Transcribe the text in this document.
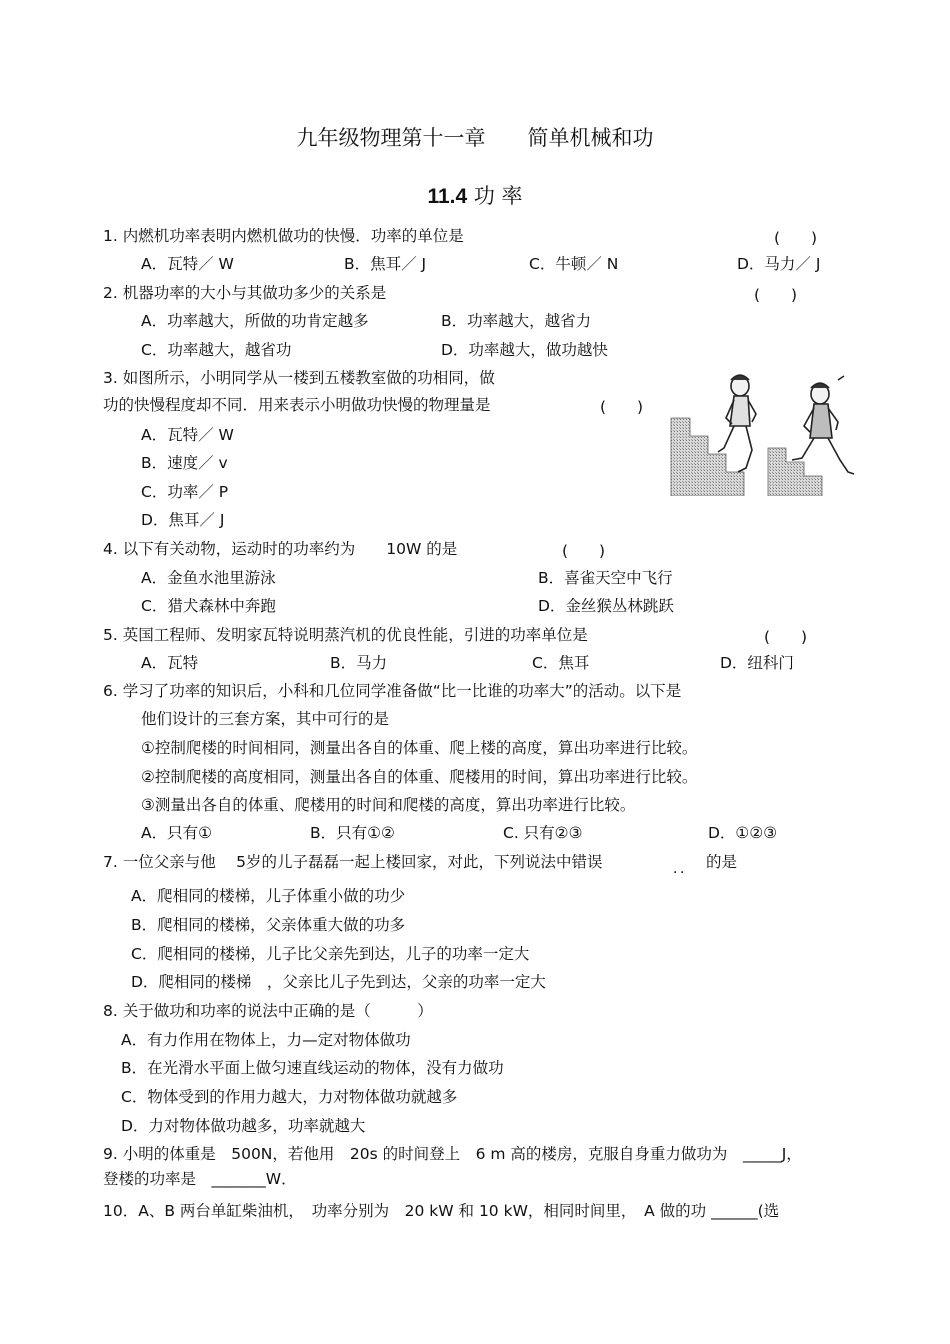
九年级物理第十一章　　简单机械和功
11.4 功 率
1. 内燃机功率表明内燃机做功的快慢．功率的单位是	(　　)
A．瓦特／ W	B．焦耳／ J	C．牛顿／ N	D．马力／ J
2. 机器功率的大小与其做功多少的关系是	(　　)
A．功率越大，所做的功肯定越多	B．功率越大，越省力
C．功率越大，越省功	D．功率越大，做功越快
3. 如图所示，小明同学从一楼到五楼教室做的功相同，做
功的快慢程度却不同．用来表示小明做功快慢的物理量是	(　　)
A．瓦特／ W
B．速度／ v
C．功率／ P
D．焦耳／ J
4. 以下有关动物，运动时的功率约为　　10W 的是	(　　)
A．金鱼水池里游泳	B．喜雀天空中飞行
C．猎犬森林中奔跑	D．金丝猴丛林跳跃
5. 英国工程师、发明家瓦特说明蒸汽机的优良性能，引进的功率单位是	(　　)
A．瓦特	B．马力	C．焦耳	D．纽科门
6. 学习了功率的知识后，小科和几位同学准备做“比一比谁的功率大”的活动。以下是
他们设计的三套方案，其中可行的是
①控制爬楼的时间相同，测量出各自的体重、爬上楼的高度，算出功率进行比较。
②控制爬楼的高度相同，测量出各自的体重、爬楼用的时间，算出功率进行比较。
③测量出各自的体重、爬楼用的时间和爬楼的高度，算出功率进行比较。
A．只有①	B．只有①②	C. 只有②③	D．①②③
7. 一位父亲与他　 5岁的儿子磊磊一起上楼回家，对此，下列说法中错误	．． 的是
A．爬相同的楼梯，儿子体重小做的功少
B．爬相同的楼梯，父亲体重大做的功多
C．爬相同的楼梯，儿子比父亲先到达，儿子的功率一定大
D．爬相同的楼梯　，父亲比儿子先到达，父亲的功率一定大
8. 关于做功和功率的说法中正确的是（　　　）
A．有力作用在物体上，力—定对物体做功
B．在光滑水平面上做匀速直线运动的物体，没有力做功
C．物体受到的作用力越大，力对物体做功就越多
D．力对物体做功越多，功率就越大
9. 小明的体重是　500N，若他用　20s 的时间登上　6 m 高的楼房，克服自身重力做功为　_____J，
登楼的功率是　_______W．
10．A、B 两台单缸柴油机，　功率分别为　20 kW 和 10 kW，相同时间里，　A 做的功 ______(选
